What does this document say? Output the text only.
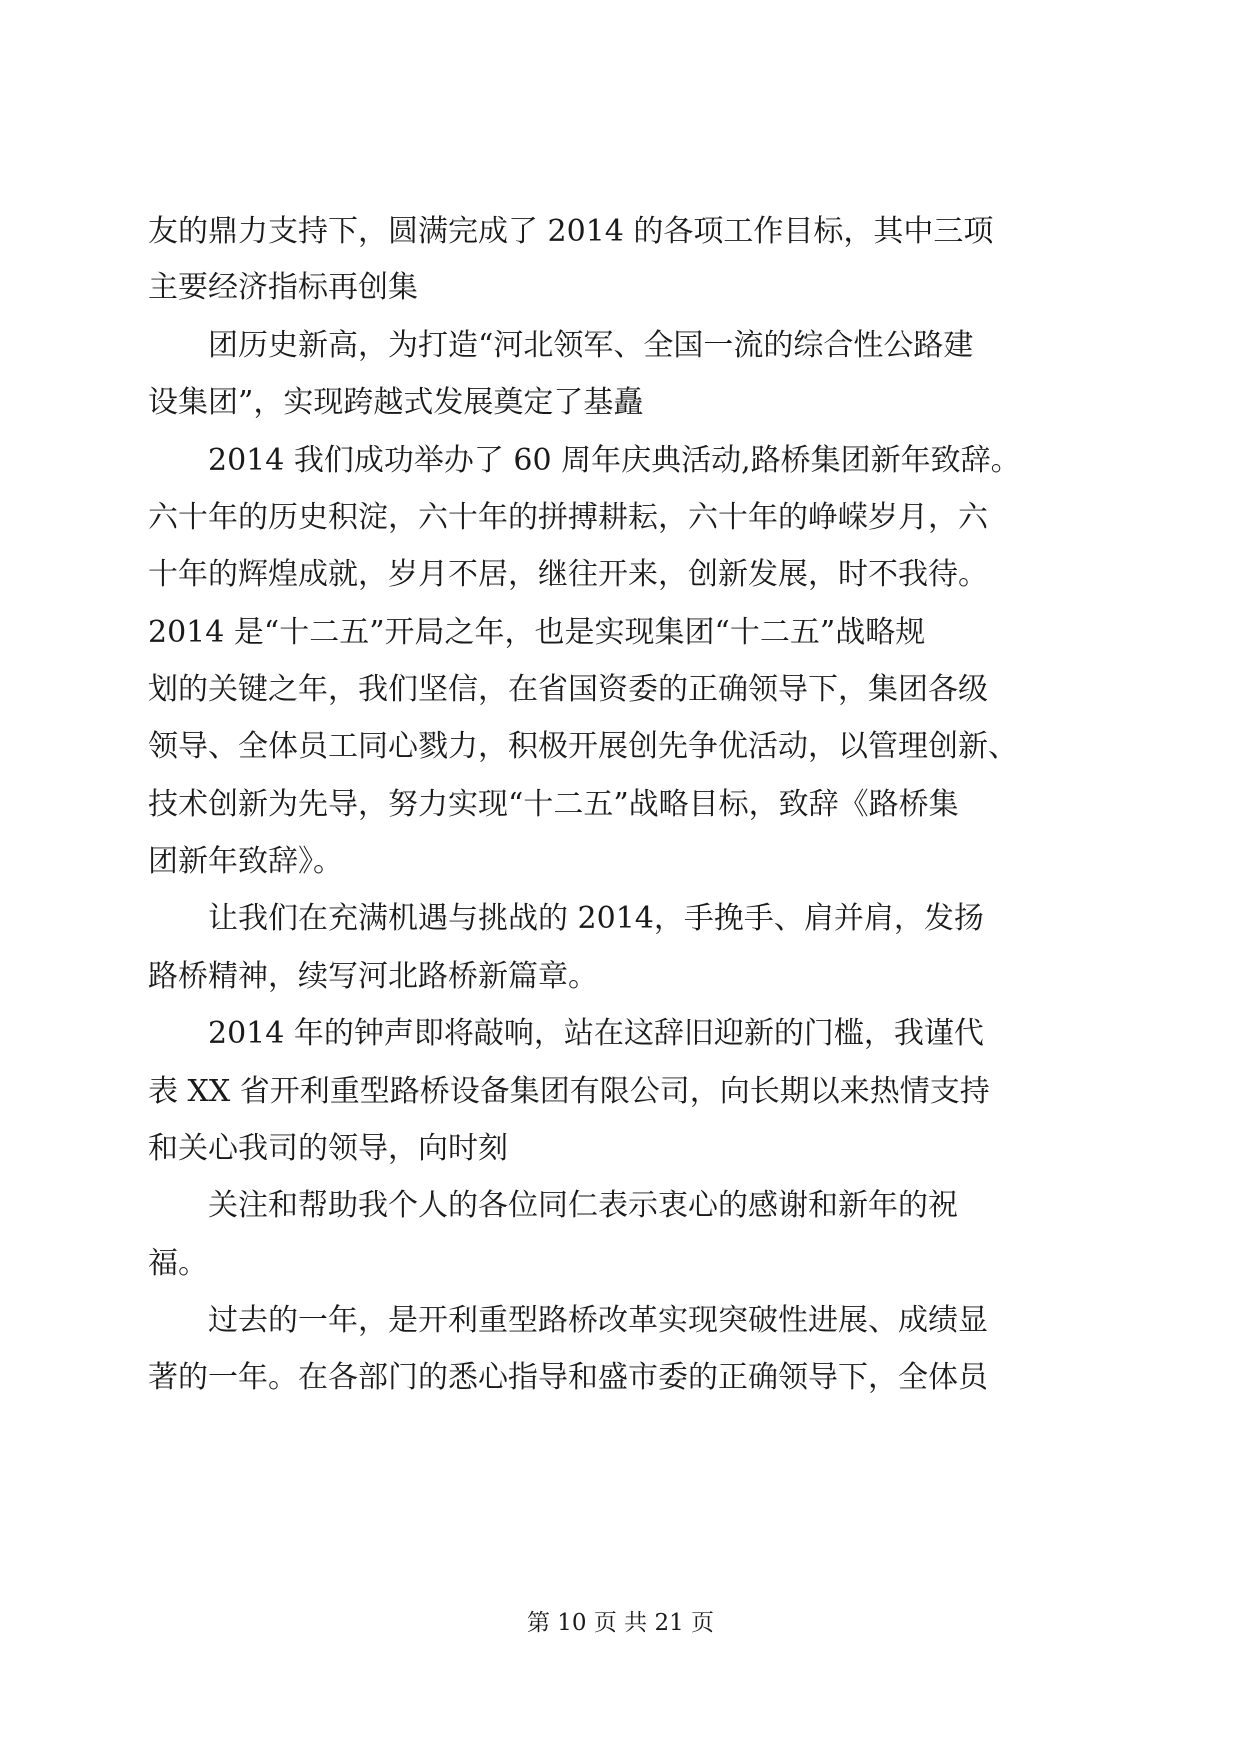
友的鼎力支持下，圆满完成了 2014 的各项工作目标，其中三项
主要经济指标再创集
团历史新高，为打造“河北领军、全国一流的综合性公路建
设集团”，实现跨越式发展奠定了基矗
2014 我们成功举办了 60 周年庆典活动,路桥集团新年致辞。
六十年的历史积淀，六十年的拼搏耕耘，六十年的峥嵘岁月，六
十年的辉煌成就，岁月不居，继往开来，创新发展，时不我待。
2014 是“十二五”开局之年，也是实现集团“十二五”战略规
划的关键之年，我们坚信，在省国资委的正确领导下，集团各级
领导、全体员工同心戮力，积极开展创先争优活动，以管理创新、
技术创新为先导，努力实现“十二五”战略目标，致辞《路桥集
团新年致辞》。
让我们在充满机遇与挑战的 2014，手挽手、肩并肩，发扬
路桥精神，续写河北路桥新篇章。
2014 年的钟声即将敲响，站在这辞旧迎新的门槛，我谨代
表 XX 省开利重型路桥设备集团有限公司，向长期以来热情支持
和关心我司的领导，向时刻
关注和帮助我个人的各位同仁表示衷心的感谢和新年的祝
福。
过去的一年，是开利重型路桥改革实现突破性进展、成绩显
著的一年。在各部门的悉心指导和盛市委的正确领导下，全体员
第 10 页 共 21 页
